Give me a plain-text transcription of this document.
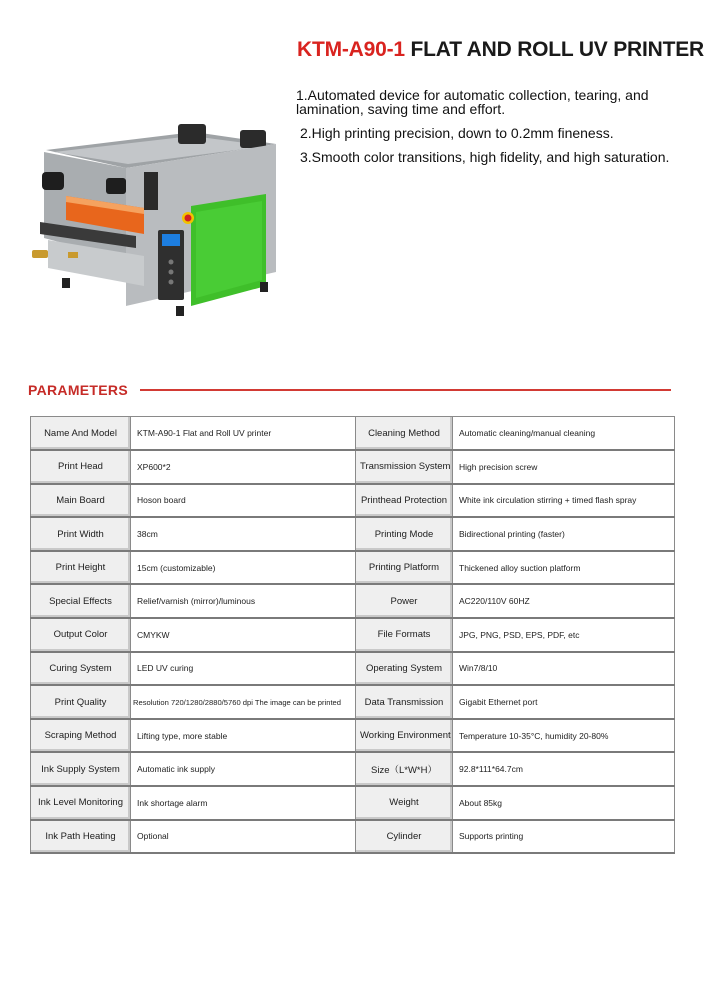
KTM-A90-1 FLAT AND ROLL UV PRINTER
1.Automated device for automatic collection, tearing, and lamination, saving time and effort.
2.High printing precision, down to 0.2mm fineness.
3.Smooth color transitions, high fidelity, and high saturation.
PARAMETERS
Name And Model	KTM-A90-1 Flat and Roll UV printer	Cleaning Method	Automatic cleaning/manual cleaning
Print Head	XP600*2	Transmission System	High precision screw
Main Board	Hoson board	Printhead Protection	White ink circulation stirring + timed flash spray
Print Width	38cm	Printing Mode	Bidirectional printing (faster)
Print Height	15cm (customizable)	Printing Platform	Thickened alloy suction platform
Special Effects	Relief/varnish (mirror)/luminous	Power	AC220/110V 60HZ
Output Color	CMYKW	File Formats	JPG, PNG, PSD, EPS, PDF, etc
Curing System	LED UV curing	Operating System	Win7/8/10
Print Quality	Resolution 720/1280/2880/5760 dpi The image can be printed	Data Transmission	Gigabit Ethernet port
Scraping Method	Lifting type, more stable	Working Environment	Temperature 10-35°C, humidity 20-80%
Ink Supply System	Automatic ink supply	Size（L*W*H）	92.8*111*64.7cm
Ink Level Monitoring	Ink shortage alarm	Weight	About 85kg
Ink Path Heating	Optional	Cylinder	Supports printing
